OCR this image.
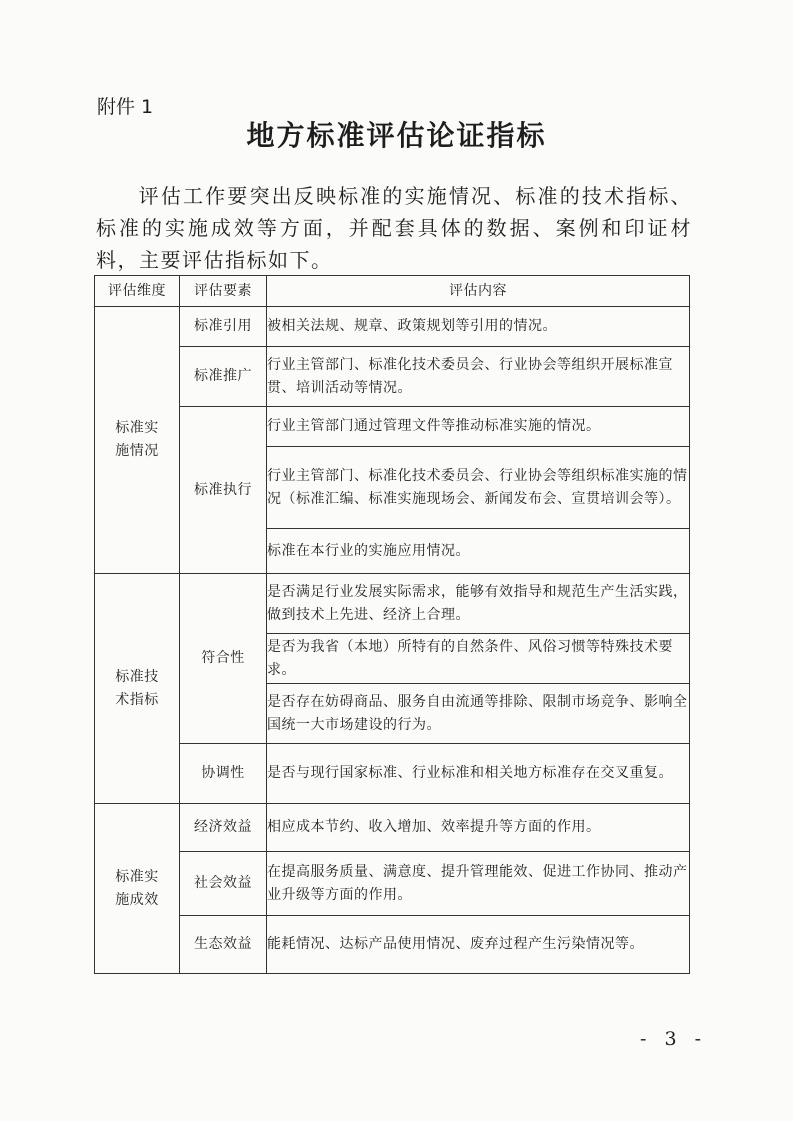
附件 1
地方标准评估论证指标
评估工作要突出反映标准的实施情况、标准的技术指标、标准的实施成效等方面，并配套具体的数据、案例和印证材料，主要评估指标如下。
评估维度	评估要素	评估内容
标准实施情况	标准引用	被相关法规、规章、政策规划等引用的情况。
	标准推广	行业主管部门、标准化技术委员会、行业协会等组织开展标准宣贯、培训活动等情况。
	标准执行	行业主管部门通过管理文件等推动标准实施的情况。
		行业主管部门、标准化技术委员会、行业协会等组织标准实施的情况（标准汇编、标准实施现场会、新闻发布会、宣贯培训会等）。
		标准在本行业的实施应用情况。
标准技术指标	符合性	是否满足行业发展实际需求，能够有效指导和规范生产生活实践，做到技术上先进、经济上合理。
		是否为我省（本地）所特有的自然条件、风俗习惯等特殊技术要求。
		是否存在妨碍商品、服务自由流通等排除、限制市场竞争、影响全国统一大市场建设的行为。
	协调性	是否与现行国家标准、行业标准和相关地方标准存在交叉重复。
标准实施成效	经济效益	相应成本节约、收入增加、效率提升等方面的作用。
	社会效益	在提高服务质量、满意度、提升管理能效、促进工作协同、推动产业升级等方面的作用。
	生态效益	能耗情况、达标产品使用情况、废弃过程产生污染情况等。
- 3 -
